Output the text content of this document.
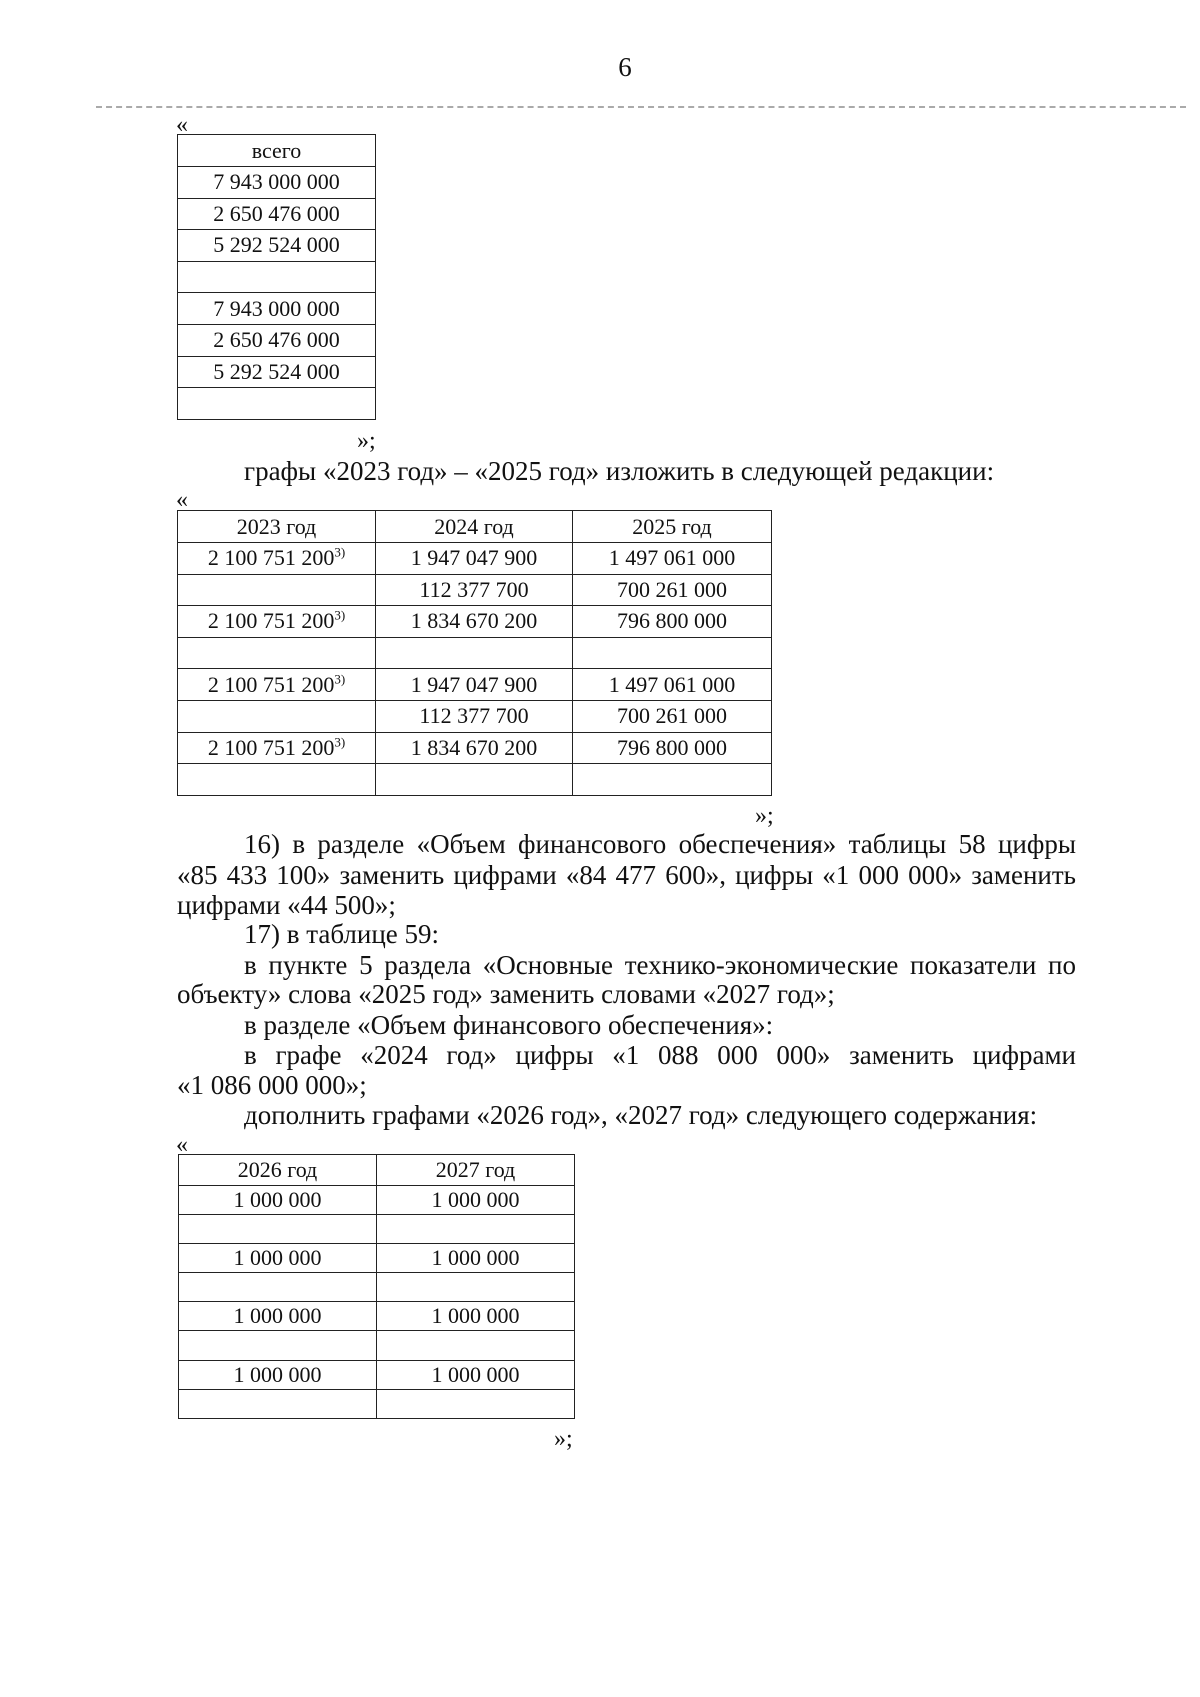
6
«
всего
7 943 000 000
2 650 476 000
5 292 524 000

7 943 000 000
2 650 476 000
5 292 524 000

»;
графы «2023 год» – «2025 год» изложить в следующей редакции:
«
2023 год	2024 год	2025 год
2 100 751 200$^{3)}$	1 947 047 900	1 497 061 000
	112 377 700	700 261 000
2 100 751 200$^{3)}$	1 834 670 200	796 800 000

2 100 751 200$^{3)}$	1 947 047 900	1 497 061 000
	112 377 700	700 261 000
2 100 751 200$^{3)}$	1 834 670 200	796 800 000

»;
16) в разделе «Объем финансового обеспечения» таблицы 58 цифры
«85 433 100» заменить цифрами «84 477 600», цифры «1 000 000» заменить
цифрами «44 500»;
17) в таблице 59:
в пункте 5 раздела «Основные технико-экономические показатели по
объекту» слова «2025 год» заменить словами «2027 год»;
в разделе «Объем финансового обеспечения»:
в графе «2024 год» цифры «1 088 000 000» заменить цифрами
«1 086 000 000»;
дополнить графами «2026 год», «2027 год» следующего содержания:
«
2026 год	2027 год
1 000 000	1 000 000

1 000 000	1 000 000

1 000 000	1 000 000

1 000 000	1 000 000

»;
